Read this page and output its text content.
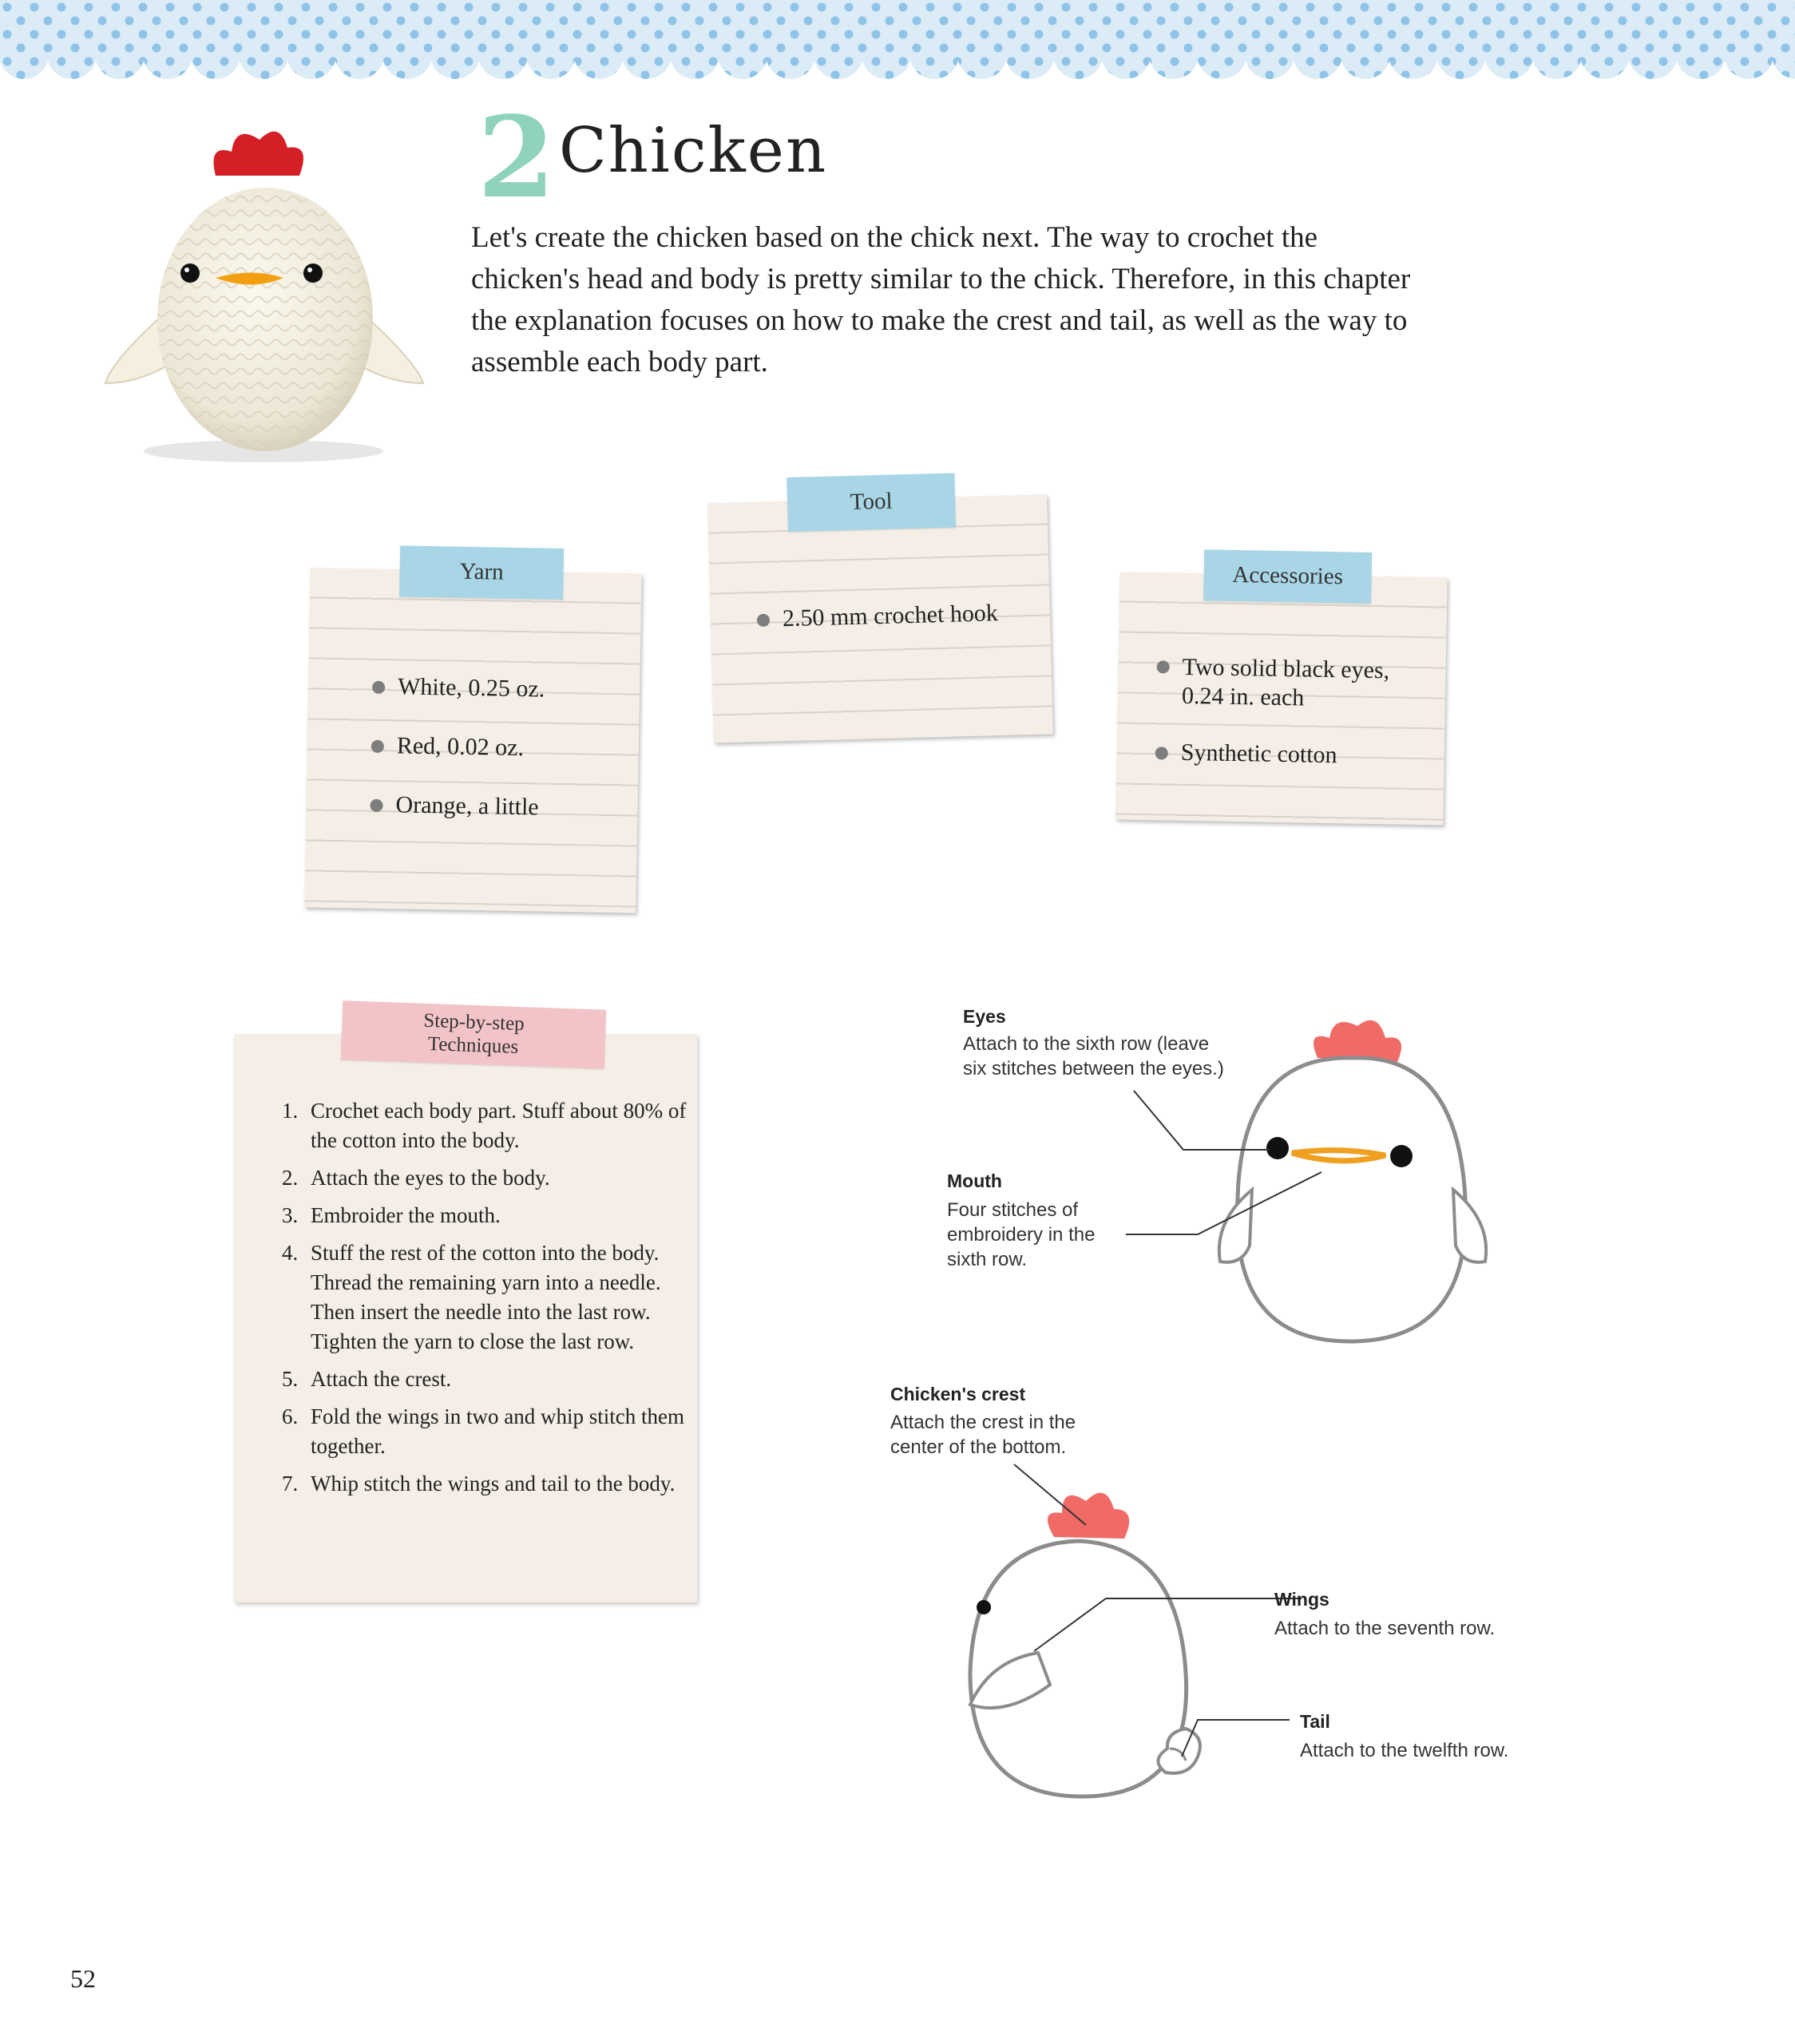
2 Chicken

Let's create the chicken based on the chick next. The way to crochet the
chicken's head and body is pretty similar to the chick. Therefore, in this chapter
the explanation focuses on how to make the crest and tail, as well as the way to
assemble each body part.

Yarn
White, 0.25 oz.
Red, 0.02 oz.
Orange, a little
Tool
2.50 mm crochet hook
Accessories
Two solid black eyes,
0.24 in. each
Synthetic cotton
Step-by-step
Techniques
1. Crochet each body part. Stuff about 80% of the cotton into the body.
2. Attach the eyes to the body.
3. Embroider the mouth.
4. Stuff the rest of the cotton into the body. Thread the remaining yarn into a needle. Then insert the needle into the last row. Tighten the yarn to close the last row.
5. Attach the crest.
6. Fold the wings in two and whip stitch them together.
7. Whip stitch the wings and tail to the body.
Eyes
Attach to the sixth row (leave
six stitches between the eyes.)
Mouth
Four stitches of
embroidery in the
sixth row.
Chicken's crest
Attach the crest in the
center of the bottom.
Wings
Attach to the seventh row.
Tail
Attach to the twelfth row.
52
